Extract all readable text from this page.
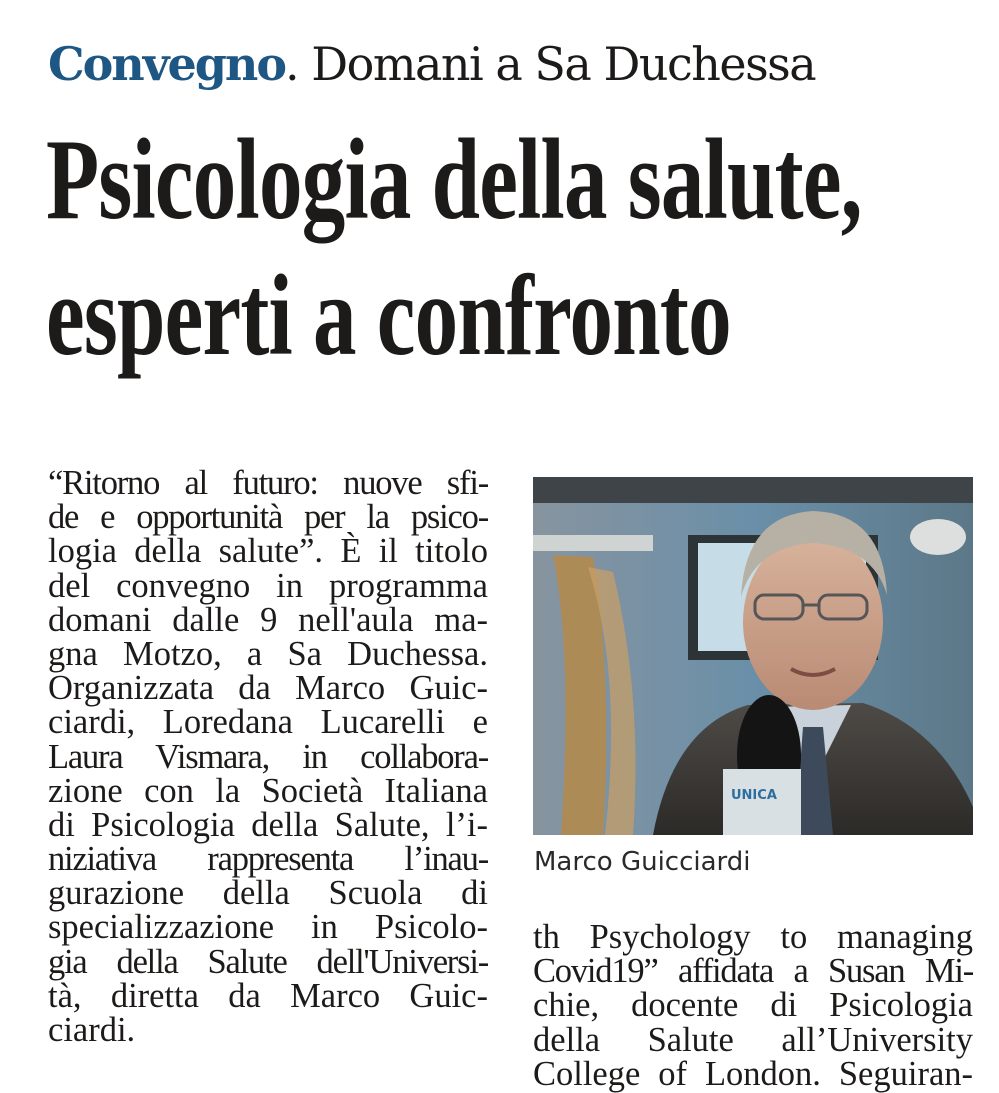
Convegno. Domani a Sa Duchessa
Psicologia della salute,
esperti a confronto
“Ritorno al futuro: nuove sfi-
de e opportunità per la psico-
logia della salute”. È il titolo
del convegno in programma
domani dalle 9 nell'aula ma-
gna Motzo, a Sa Duchessa.
Organizzata da Marco Guic-
ciardi, Loredana Lucarelli e
Laura Vismara, in collabora-
zione con la Società Italiana
di Psicologia della Salute, l’i-
niziativa rappresenta l’inau-
gurazione della Scuola di
specializzazione in Psicolo-
gia della Salute dell'Universi-
tà, diretta da Marco Guic-
ciardi.
UNICA
Marco Guicciardi
th Psychology to managing
Covid19” affidata a Susan Mi-
chie, docente di Psicologia
della Salute all’University
College of London. Seguiran-
